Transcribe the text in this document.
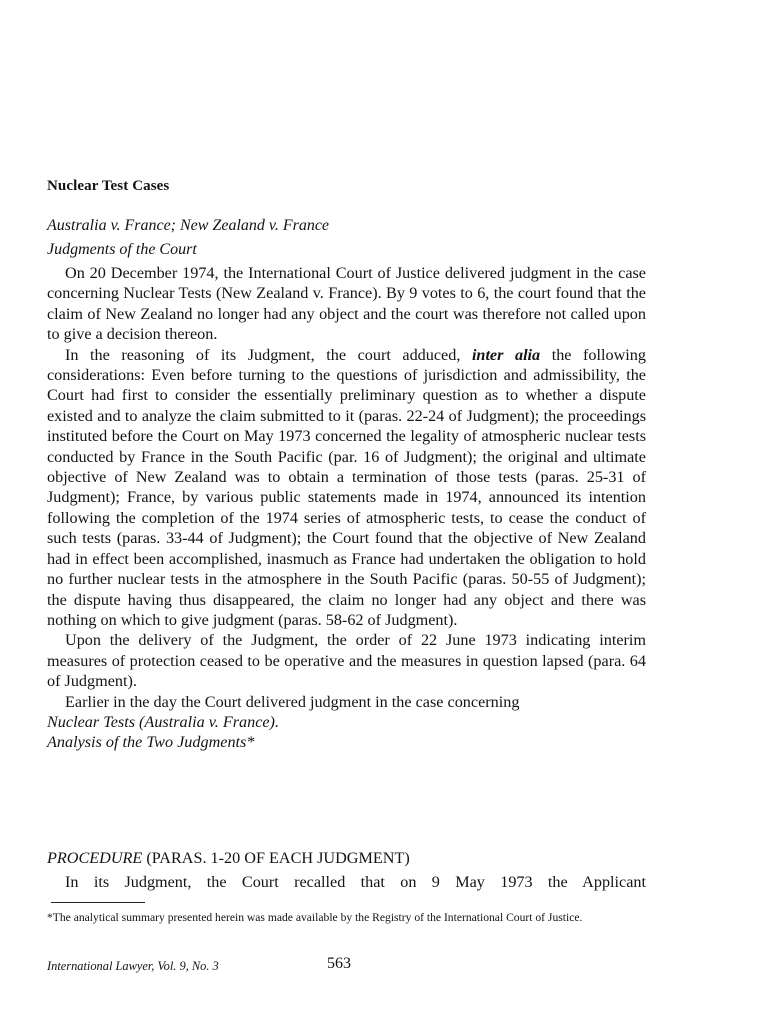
Nuclear Test Cases
Australia v. France; New Zealand v. France
Judgments of the Court

On 20 December 1974, the International Court of Justice delivered judgment in the case concerning Nuclear Tests (New Zealand v. France). By 9 votes to 6, the court found that the claim of New Zealand no longer had any object and the court was therefore not called upon to give a decision thereon.

In the reasoning of its Judgment, the court adduced, inter alia the following considerations: Even before turning to the questions of jurisdiction and admissibility, the Court had first to consider the essentially preliminary question as to whether a dispute existed and to analyze the claim submitted to it (paras. 22-24 of Judgment); the proceedings instituted before the Court on May 1973 concerned the legality of atmospheric nuclear tests conducted by France in the South Pacific (par. 16 of Judgment); the original and ultimate objective of New Zealand was to obtain a termination of those tests (paras. 25-31 of Judgment); France, by various public statements made in 1974, announced its intention following the completion of the 1974 series of atmospheric tests, to cease the conduct of such tests (paras. 33-44 of Judgment); the Court found that the objective of New Zealand had in effect been accomplished, inasmuch as France had undertaken the obligation to hold no further nuclear tests in the atmosphere in the South Pacific (paras. 50-55 of Judgment); the dispute having thus disappeared, the claim no longer had any object and there was nothing on which to give judgment (paras. 58-62 of Judgment).

Upon the delivery of the Judgment, the order of 22 June 1973 indicating interim measures of protection ceased to be operative and the measures in question lapsed (para. 64 of Judgment).

Earlier in the day the Court delivered judgment in the case concerning

Nuclear Tests (Australia v. France).

Analysis of the Two Judgments*

PROCEDURE (PARAS. 1-20 OF EACH JUDGMENT)
In its Judgment, the Court recalled that on 9 May 1973 the Applicant
*The analytical summary presented herein was made available by the Registry of the International Court of Justice.
International Lawyer, Vol. 9, No. 3	563
